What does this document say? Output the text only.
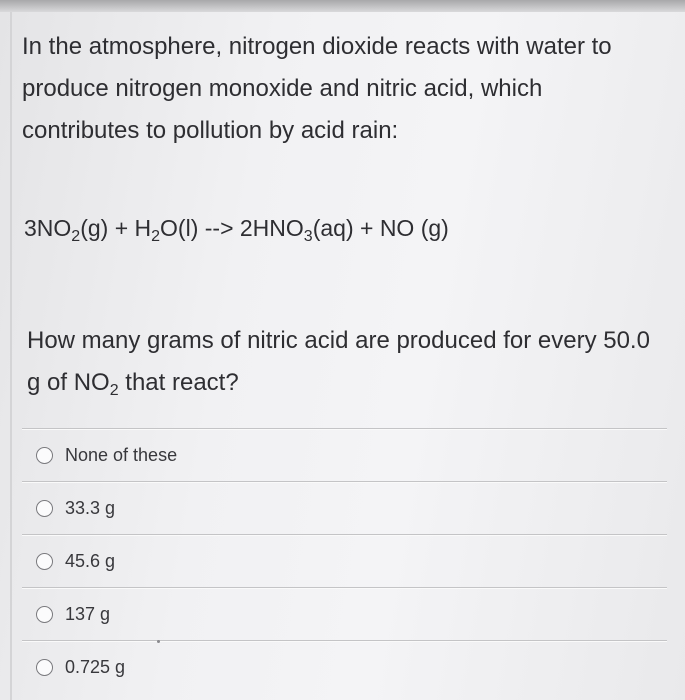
In the atmosphere, nitrogen dioxide reacts with water to produce nitrogen monoxide and nitric acid, which contributes to pollution by acid rain:
$3NO_2(g) + H_2O(l)$ --> $2HNO_3(aq)$ + NO (g)
How many grams of nitric acid are produced for every 50.0 g of $NO_2$ that react?
None of these
33.3 g
45.6 g
137 g
0.725 g
